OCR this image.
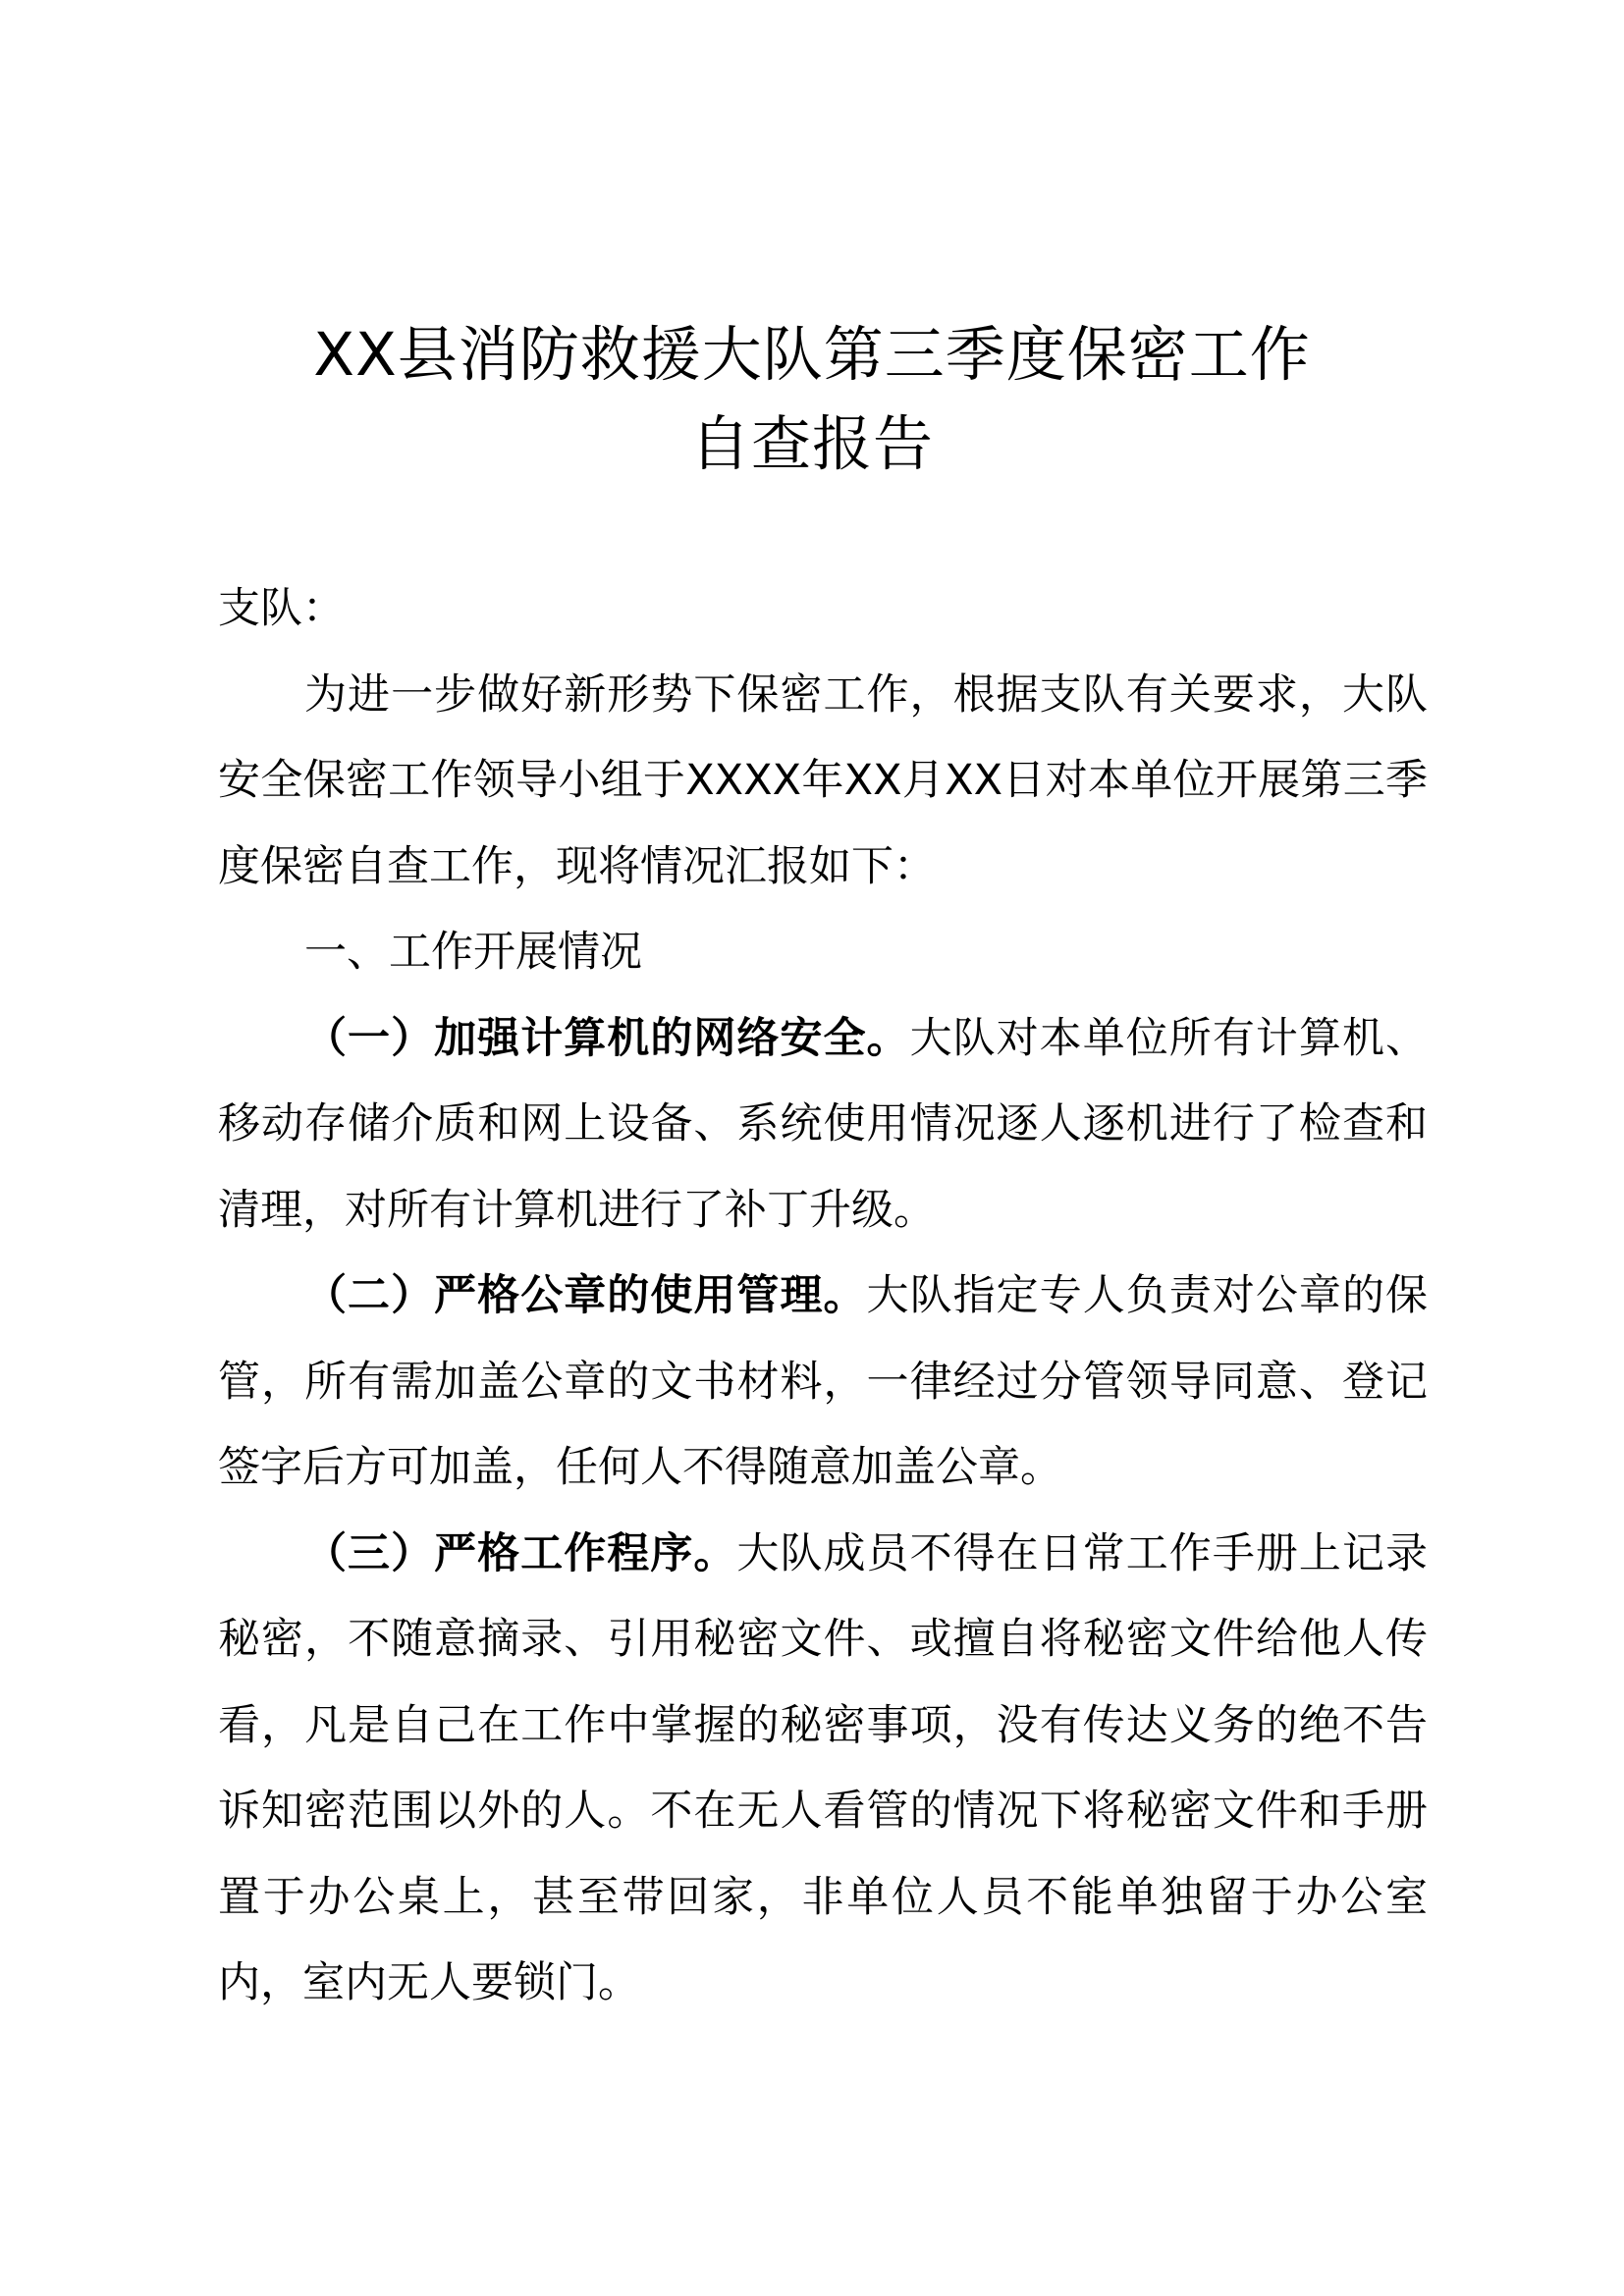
XX县消防救援大队第三季度保密工作
自查报告

支队：

为进一步做好新形势下保密工作，根据支队有关要求，大队安全保密工作领导小组于XXXX年XX月XX日对本单位开展第三季度保密自查工作，现将情况汇报如下：

一、工作开展情况

（一）加强计算机的网络安全。大队对本单位所有计算机、移动存储介质和网上设备、系统使用情况逐人逐机进行了检查和清理，对所有计算机进行了补丁升级。

（二）严格公章的使用管理。大队指定专人负责对公章的保管，所有需加盖公章的文书材料，一律经过分管领导同意、登记签字后方可加盖，任何人不得随意加盖公章。

（三）严格工作程序。大队成员不得在日常工作手册上记录秘密，不随意摘录、引用秘密文件、或擅自将秘密文件给他人传看，凡是自己在工作中掌握的秘密事项，没有传达义务的绝不告诉知密范围以外的人。不在无人看管的情况下将秘密文件和手册置于办公桌上，甚至带回家，非单位人员不能单独留于办公室内，室内无人要锁门。
